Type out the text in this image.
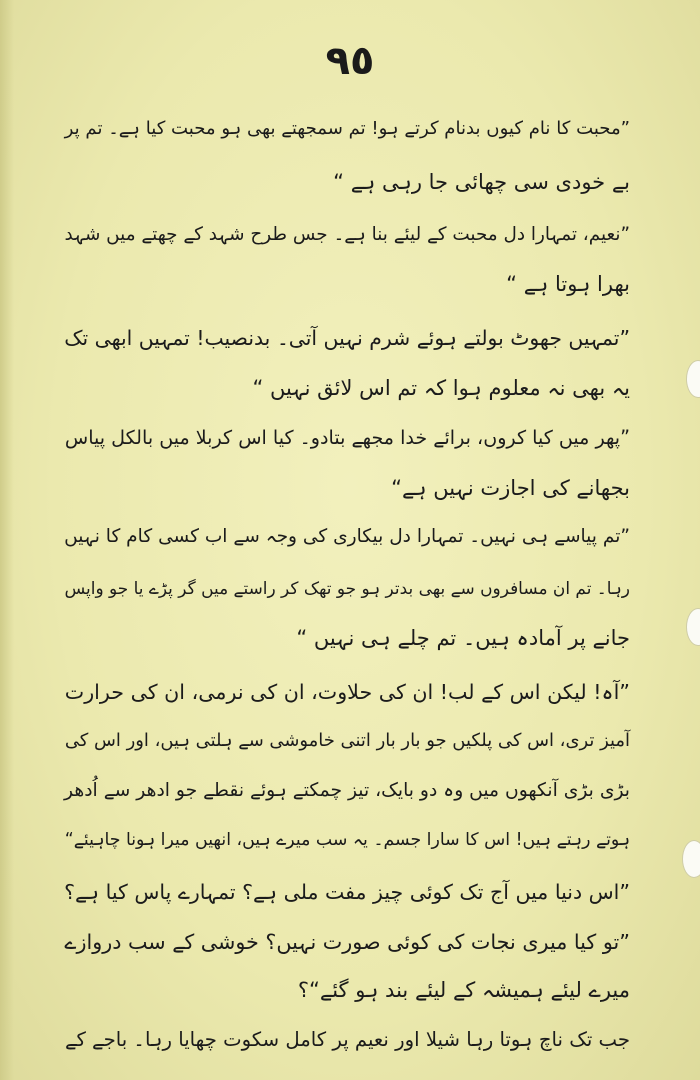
٩٥
”محبت کا نام کیوں بدنام کرتے ہو! تم سمجھتے بھی ہو محبت کیا ہے۔ تم پر
بے خودی سی چھائی جا رہی ہے “
”نعیم، تمہارا دل محبت کے لیئے بنا ہے۔ جس طرح شہد کے چھتے میں شہد
بھرا ہوتا ہے “
”تمہیں جھوٹ بولتے ہوئے شرم نہیں آتی۔ بدنصیب! تمہیں ابھی تک
یہ بھی نہ معلوم ہوا کہ تم اس لائق نہیں “
”پھر میں کیا کروں، برائے خدا مجھے بتادو۔ کیا اس کربلا میں بالکل پیاس
بجھانے کی اجازت نہیں ہے“
”تم پیاسے ہی نہیں۔ تمہارا دل بیکاری کی وجہ سے اب کسی کام کا نہیں
رہا۔ تم ان مسافروں سے بھی بدتر ہو جو تھک کر راستے میں گر پڑے یا جو واپس
جانے پر آمادہ ہیں۔ تم چلے ہی نہیں “
”آہ! لیکن اس کے لب! ان کی حلاوت، ان کی نرمی، ان کی حرارت
آمیز تری، اس کی پلکیں جو بار بار اتنی خاموشی سے ہلتی ہیں، اور اس کی
بڑی بڑی آنکھوں میں وہ دو بایک، تیز چمکتے ہوئے نقطے جو ادھر سے اُدھر
ہوتے رہتے ہیں! اس کا سارا جسم۔ یہ سب میرے ہیں، انھیں میرا ہونا چاہیئے“
”اس دنیا میں آج تک کوئی چیز مفت ملی ہے؟ تمہارے پاس کیا ہے؟
”تو کیا میری نجات کی کوئی صورت نہیں؟ خوشی کے سب دروازے
میرے لیئے ہمیشہ کے لیئے بند ہو گئے“؟
جب تک ناچ ہوتا رہا شیلا اور نعیم پر کامل سکوت چھایا رہا۔ باجے کے
